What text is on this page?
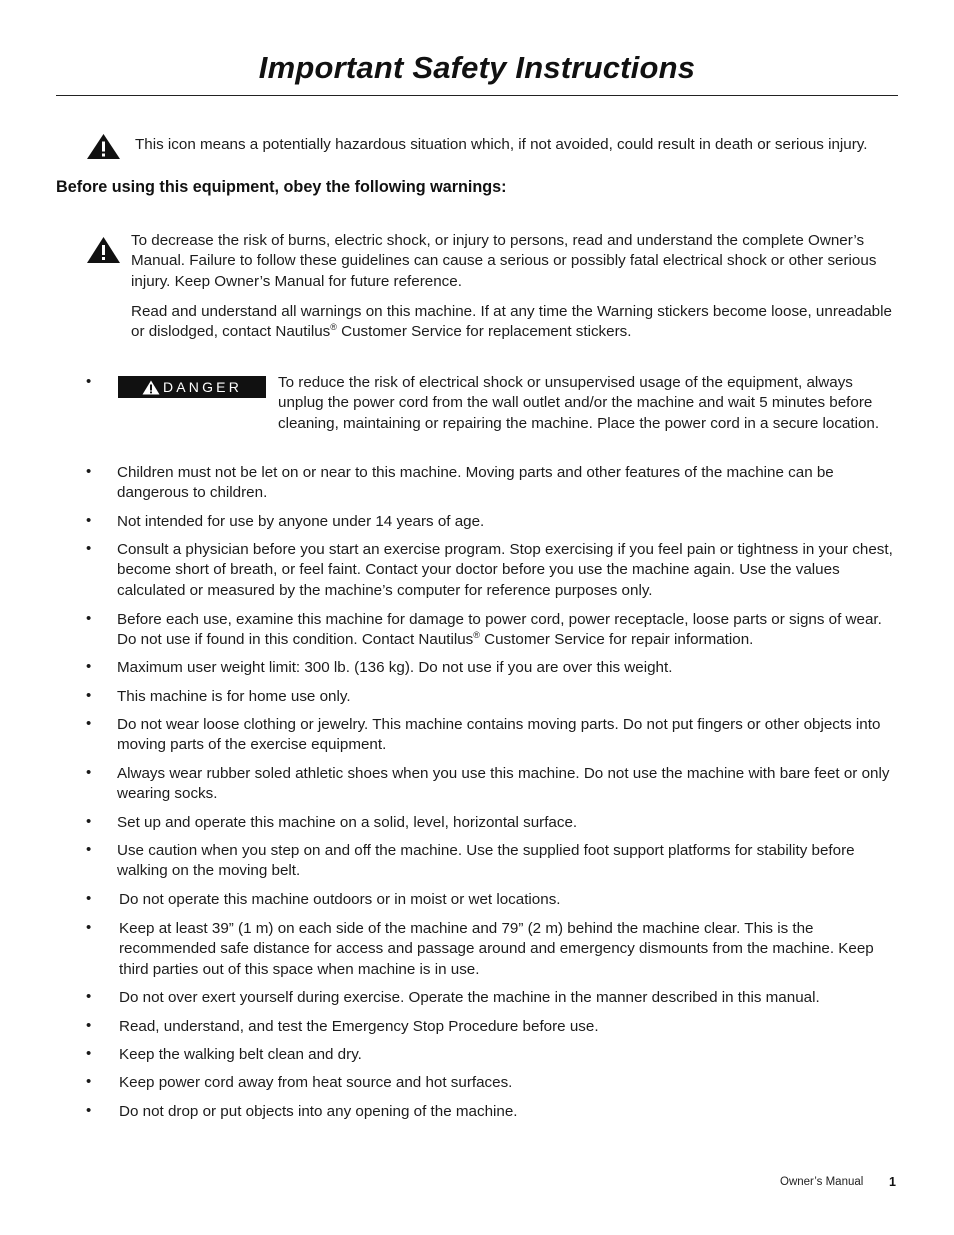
Important Safety Instructions
This icon means a potentially hazardous situation which, if not avoided, could result in death or serious injury.
Before using this equipment, obey the following warnings:
To decrease the risk of burns, electric shock, or injury to persons, read and understand the complete Owner’s Manual. Failure to follow these guidelines can cause a serious or possibly fatal electrical shock or other serious injury. Keep Owner’s Manual for future reference.
Read and understand all warnings on this machine. If at any time the Warning stickers become loose, unreadable or dislodged, contact Nautilus® Customer Service for replacement stickers.
•	DANGER To reduce the risk of electrical shock or unsupervised usage of the equipment, always unplug the power cord from the wall outlet and/or the machine and wait 5 minutes before cleaning, maintaining or repairing the machine. Place the power cord in a secure location.
• Children must not be let on or near to this machine. Moving parts and other features of the machine can be dangerous to children.
• Not intended for use by anyone under 14 years of age.
• Consult a physician before you start an exercise program. Stop exercising if you feel pain or tightness in your chest, become short of breath, or feel faint. Contact your doctor before you use the machine again. Use the values calculated or measured by the machine’s computer for reference purposes only.
• Before each use, examine this machine for damage to power cord, power receptacle, loose parts or signs of wear. Do not use if found in this condition. Contact Nautilus® Customer Service for repair information.
• Maximum user weight limit: 300 lb. (136 kg). Do not use if you are over this weight.
• This machine is for home use only.
• Do not wear loose clothing or jewelry. This machine contains moving parts. Do not put fingers or other objects into moving parts of the exercise equipment.
• Always wear rubber soled athletic shoes when you use this machine. Do not use the machine with bare feet or only wearing socks.
• Set up and operate this machine on a solid, level, horizontal surface.
• Use caution when you step on and off the machine. Use the supplied foot support platforms for stability before walking on the moving belt.
• Do not operate this machine outdoors or in moist or wet locations.
• Keep at least 39” (1 m) on each side of the machine and 79” (2 m) behind the machine clear. This is the recommended safe distance for access and passage around and emergency dismounts from the machine. Keep third parties out of this space when machine is in use.
• Do not over exert yourself during exercise. Operate the machine in the manner described in this manual.
• Read, understand, and test the Emergency Stop Procedure before use.
• Keep the walking belt clean and dry.
• Keep power cord away from heat source and hot surfaces.
• Do not drop or put objects into any opening of the machine.
Owner’s Manual 1
